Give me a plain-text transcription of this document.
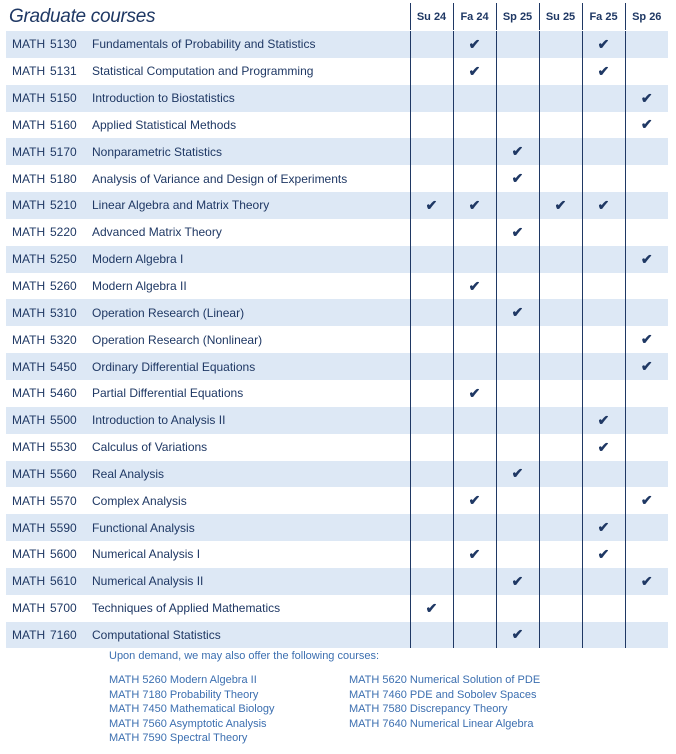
Graduate courses			Su 24	Fa 24	Sp 25	Su 25	Fa 25	Sp 26
MATH	5130	Fundamentals of Probability and Statistics		✔			✔	
MATH	5131	Statistical Computation and Programming		✔			✔	
MATH	5150	Introduction to Biostatistics						✔
MATH	5160	Applied Statistical Methods						✔
MATH	5170	Nonparametric Statistics			✔			
MATH	5180	Analysis of Variance and Design of Experiments			✔			
MATH	5210	Linear Algebra and Matrix Theory	✔	✔		✔	✔	
MATH	5220	Advanced Matrix Theory			✔			
MATH	5250	Modern Algebra I						✔
MATH	5260	Modern Algebra II		✔				
MATH	5310	Operation Research (Linear)			✔			
MATH	5320	Operation Research (Nonlinear)						✔
MATH	5450	Ordinary Differential Equations						✔
MATH	5460	Partial Differential Equations		✔				
MATH	5500	Introduction to Analysis II					✔	
MATH	5530	Calculus of Variations					✔	
MATH	5560	Real Analysis			✔			
MATH	5570	Complex Analysis		✔				✔
MATH	5590	Functional Analysis					✔	
MATH	5600	Numerical Analysis I		✔			✔	
MATH	5610	Numerical Analysis II			✔			✔
MATH	5700	Techniques of Applied Mathematics	✔					
MATH	7160	Computational Statistics			✔			
Upon demand, we may also offer the following courses:
MATH 5260 Modern Algebra II
MATH 7180 Probability Theory
MATH 7450 Mathematical Biology
MATH 7560 Asymptotic Analysis
MATH 7590 Spectral Theory
MATH 5620 Numerical Solution of PDE
MATH 7460 PDE and Sobolev Spaces
MATH 7580 Discrepancy Theory
MATH 7640 Numerical Linear Algebra
